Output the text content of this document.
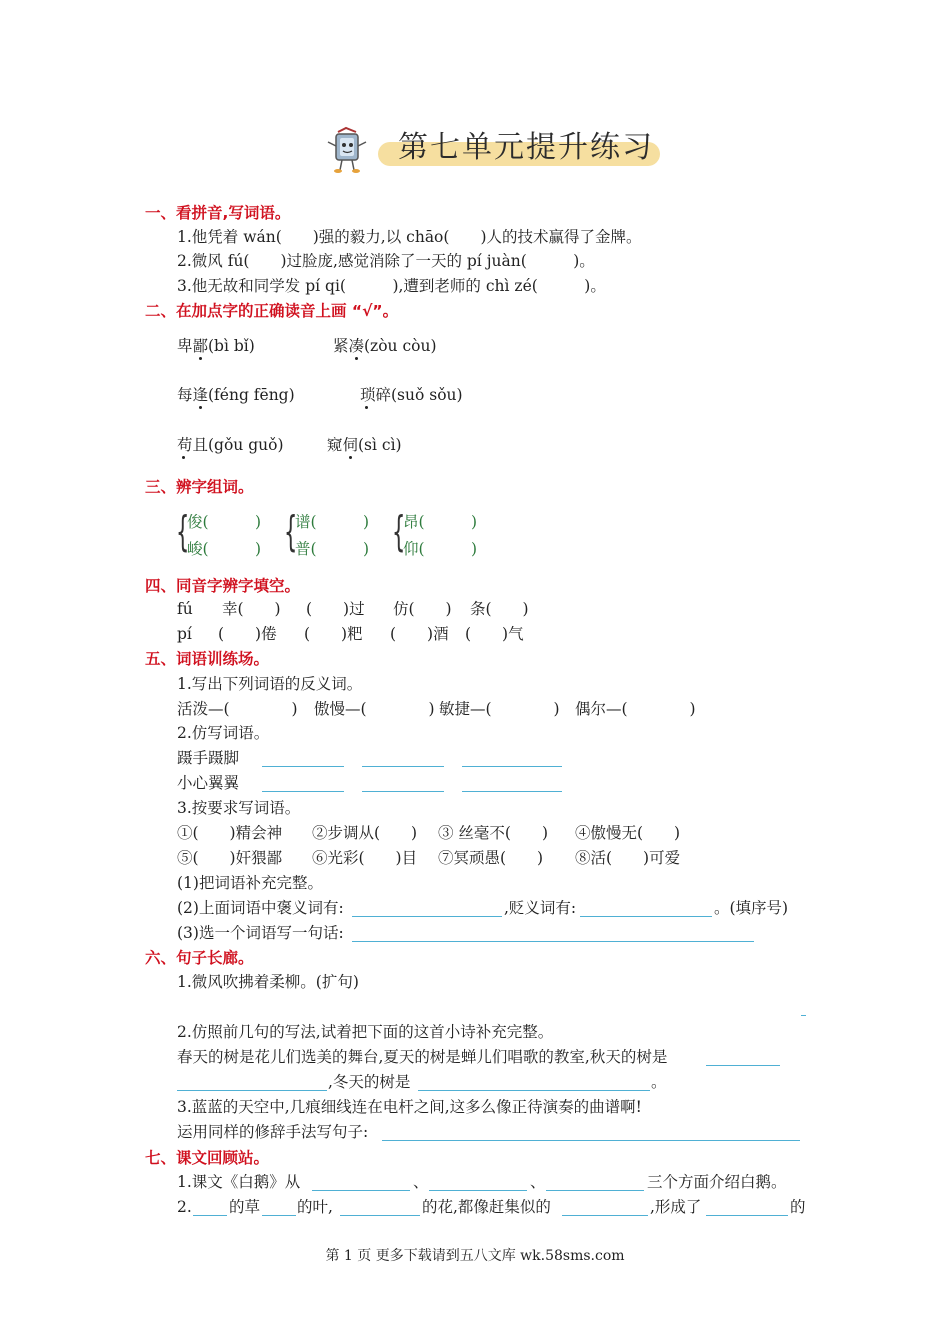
第七单元提升练习
一、看拼音,写词语。
1.他凭着 wán(　　)强的毅力,以 chāo(　　)人的技术赢得了金牌。
2.微风 fú(　　)过脸庞,感觉消除了一天的 pí juàn(　　　)。
3.他无故和同学发 pí qi(　　　),遭到老师的 chì zé(　　　)。
二、在加点字的正确读音上画 “√”。
卑鄙(bì bǐ)	紧凑(zòu còu)
每逢(féng fēng)	琐碎(suǒ sǒu)
苟且(gǒu guǒ)	窥伺(sì cì)
三、辨字组词。
{
俊(　　　)
峻(　　　) {
谱(　　　)
普(　　　) {
昂(　　　)
仰(　　　)
四、同音字辨字填空。
fú 幸(　　) (　　)过 仿(　　) 条(　　)
pí (　　)倦 (　　)粑 (　　)酒 (　　)气
五、词语训练场。
1.写出下列词语的反义词。
活泼—(　　　　) 傲慢—(　　　　) 敏捷—(　　　　) 偶尔—(　　　　)
2.仿写词语。
蹑手蹑脚
小心翼翼
3.按要求写词语。
①(　　)精会神 ②步调从(　　) ③ 丝毫不(　　) ④傲慢无(　　)
⑤(　　)奸猥鄙 ⑥光彩(　　)目 ⑦冥顽愚(　　) ⑧活(　　)可爱
(1)把词语补充完整。
(2)上面词语中褒义词有:	,贬义词有:	。(填序号)
(3)选一个词语写一句话:
六、句子长廊。
1.微风吹拂着柔柳。(扩句)
2.仿照前几句的写法,试着把下面的这首小诗补充完整。
春天的树是花儿们选美的舞台,夏天的树是蝉儿们唱歌的教室,秋天的树是
,冬天的树是	。
3.蓝蓝的天空中,几痕细线连在电杆之间,这多么像正待演奏的曲谱啊!
运用同样的修辞手法写句子:
七、课文回顾站。
1.课文《白鹅》从	、	、	三个方面介绍白鹅。
2. 的草 的叶,	的花,都像赶集似的	,形成了	的
第 1 页 更多下载请到五八文库 wk.58sms.com
